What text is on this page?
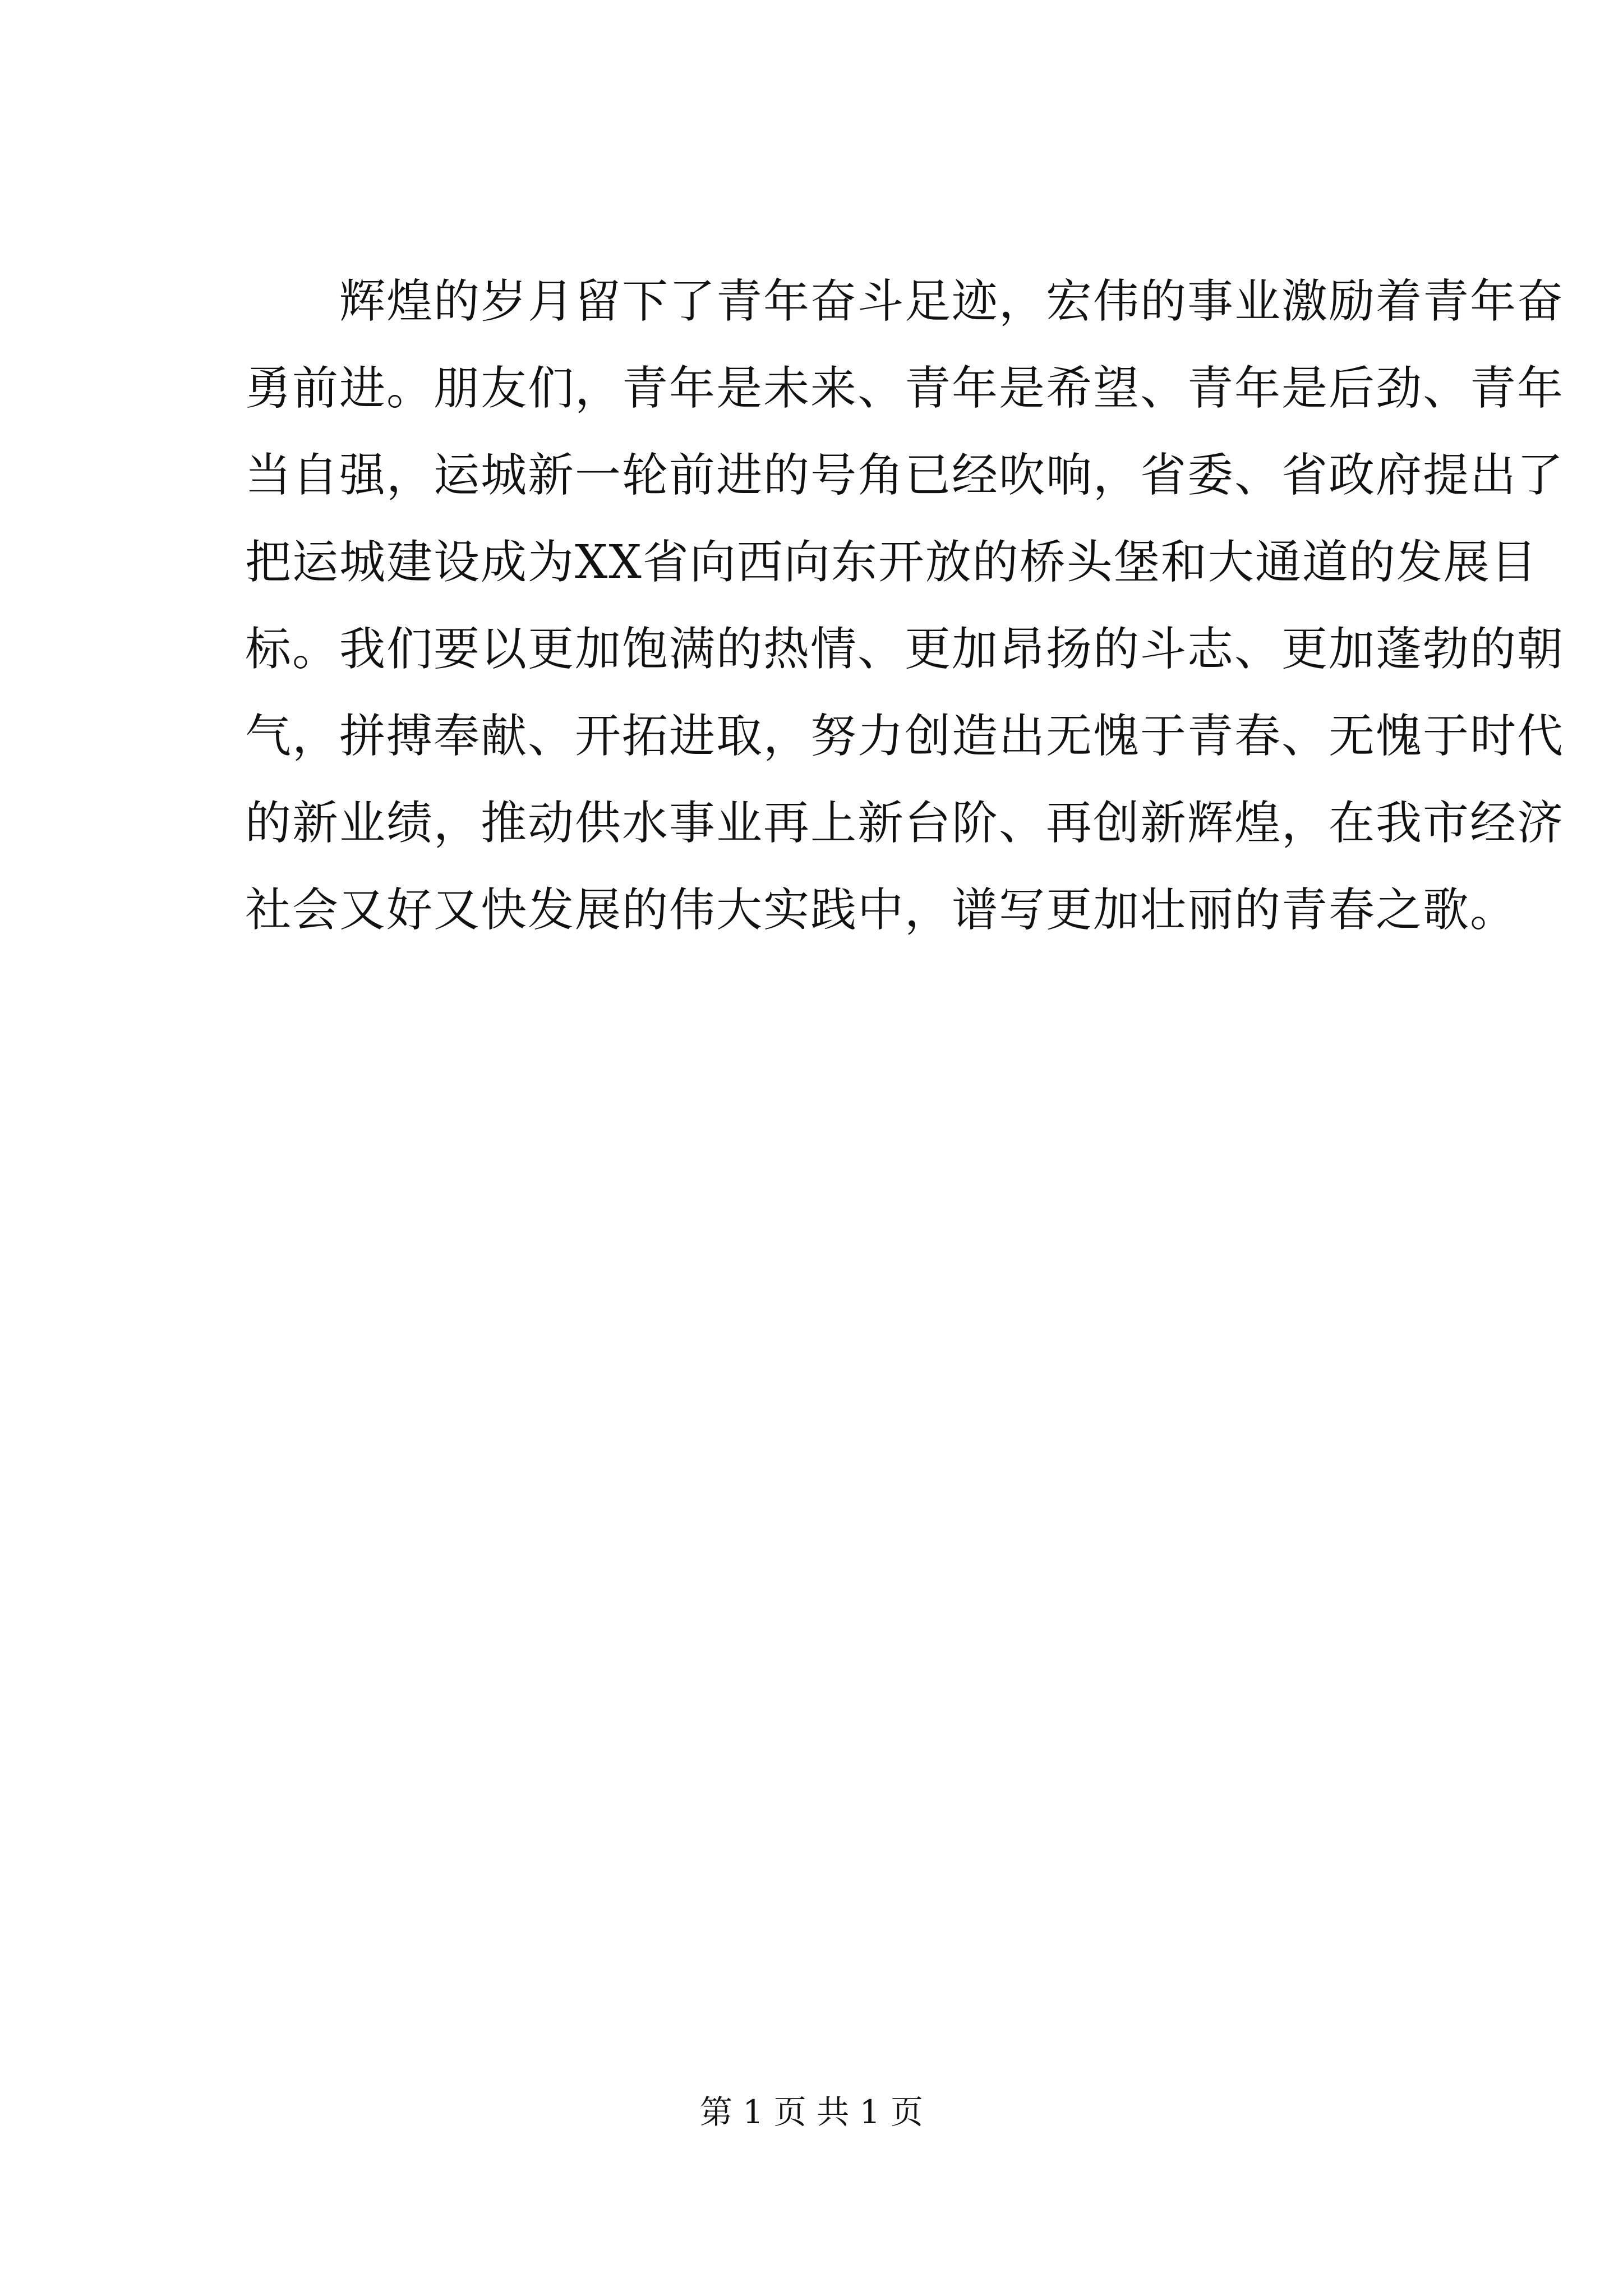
　　辉煌的岁月留下了青年奋斗足迹，宏伟的事业激励着青年奋
勇前进。朋友们，青年是未来、青年是希望、青年是后劲、青年
当自强，运城新一轮前进的号角已经吹响，省委、省政府提出了
把运城建设成为XX省向西向东开放的桥头堡和大通道的发展目
标。我们要以更加饱满的热情、更加昂扬的斗志、更加蓬勃的朝
气，拼搏奉献、开拓进取，努力创造出无愧于青春、无愧于时代
的新业绩，推动供水事业再上新台阶、再创新辉煌，在我市经济
社会又好又快发展的伟大实践中，谱写更加壮丽的青春之歌。
第 1 页 共 1 页
